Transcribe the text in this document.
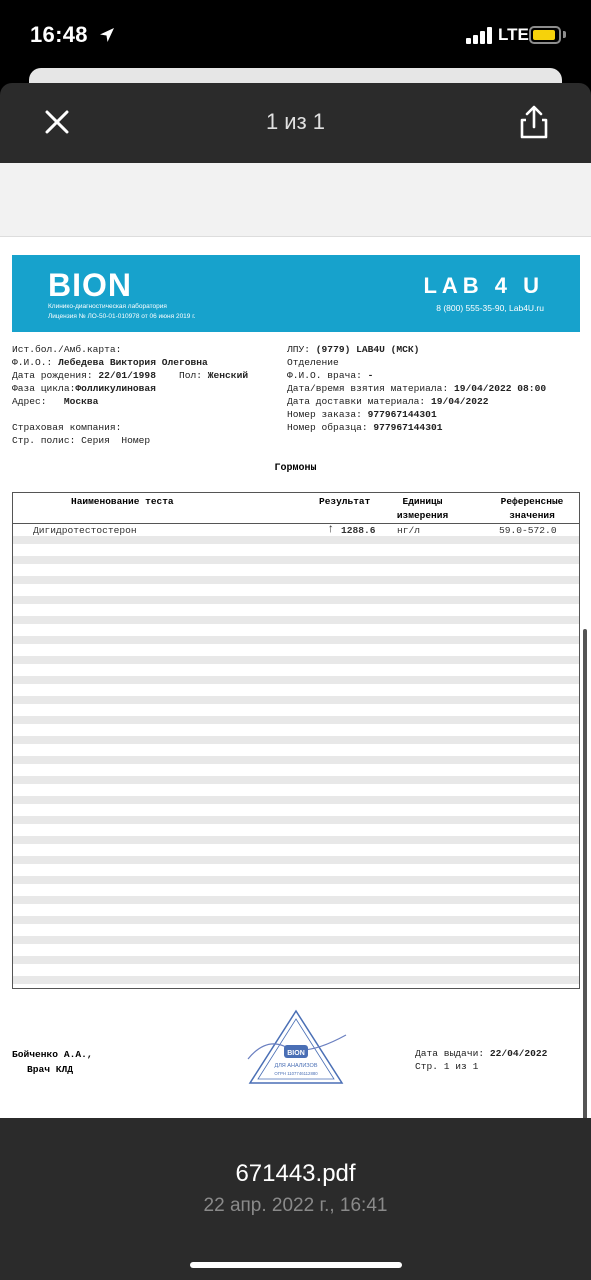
16:48	LTE
1 из 1
BION
Клинико-диагностическая лаборатория
Лицензия № ЛО-50-01-010978 от 06 июня 2019 г.
LAB 4 U
8 (800) 555-35-90, Lab4U.ru
Ист.бол./Амб.карта:
Ф.И.О.: Лебедева Виктория Олеговна
Дата рождения: 22/01/1998 Пол: Женский
Фаза цикла:Фолликулиновая
Адрес: Москва
ЛПУ: (9779) LAB4U (МСК)
Отделение
Ф.И.О. врача: -
Дата/время взятия материала: 19/04/2022 08:00
Дата доставки материала: 19/04/2022
Номер заказа: 977967144301
Номер образца: 977967144301
Страховая компания:
Стр. полис: Серия  Номер
Гормоны
Наименование теста	Результат	Единицы
измерения
Референсные
значения
Дигидротестостерон	↑ 1288.6 нг/л	59.0-572.0
Бойченко А.А.,
Врач КЛД
BION
ДЛЯ АНАЛИЗОВ
ОГРН 1107746112880
Дата выдачи: 22/04/2022
Стр. 1 из 1
671443.pdf
22 апр. 2022 г., 16:41
